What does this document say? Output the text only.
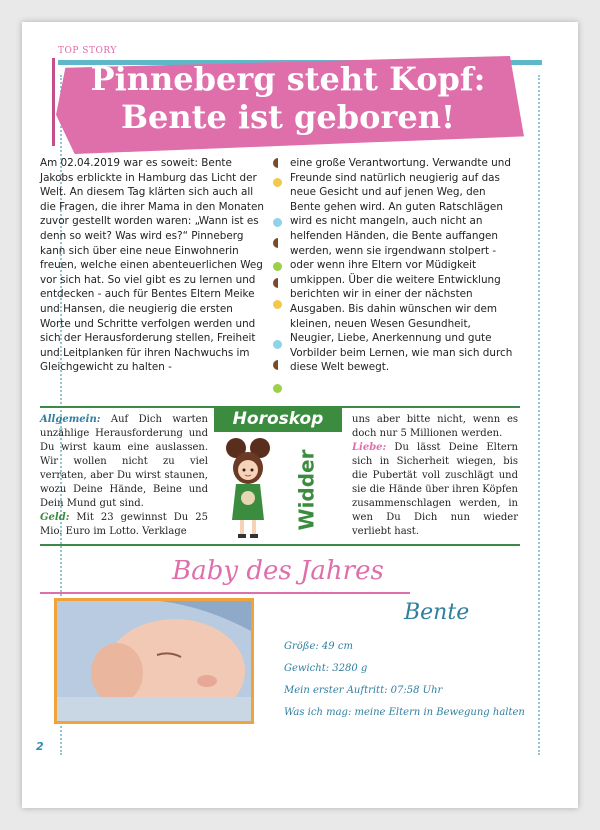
TOP STORY
Pinneberg steht Kopf:
Bente ist geboren!
Am 02.04.2019 war es soweit: Bente Jakobs erblickte in Hamburg das Licht der Welt. An diesem Tag klärten sich auch all die Fragen, die ihrer Mama in den Monaten zuvor gestellt worden waren: „Wann ist es denn so weit? Was wird es?“ Pinneberg kann sich über eine neue Einwohnerin freuen, welche einen abenteuerlichen Weg vor sich hat. So viel gibt es zu lernen und entdecken - auch für Bentes Eltern Meike und Hansen, die neugierig die ersten Worte und Schritte verfolgen werden und sich der Herausforderung stellen, Freiheit und Leitplanken für ihren Nachwuchs im Gleichgewicht zu halten -
eine große Verantwortung. Verwandte und Freunde sind natürlich neugierig auf das neue Gesicht und auf jenen Weg, den Bente gehen wird. An guten Ratschlägen wird es nicht mangeln, auch nicht an helfenden Händen, die Bente auffangen werden, wenn sie irgendwann stolpert - oder wenn ihre Eltern vor Müdigkeit umkippen. Über die weitere Entwicklung berichten wir in einer der nächsten Ausgaben. Bis dahin wünschen wir dem kleinen, neuen Wesen Gesundheit, Neugier, Liebe, Anerkennung und gute Vorbilder beim Lernen, wie man sich durch diese Welt bewegt.
Allgemein: Auf Dich warten unzählige Herausforderung und Du wirst kaum eine auslassen. Wir wollen nicht zu viel verraten, aber Du wirst staunen, wozu Deine Hände, Beine und Dein Mund gut sind.
Geld: Mit 23 gewinnst Du 25 Mio. Euro im Lotto. Verklage
Horoskop
Widder
uns aber bitte nicht, wenn es doch nur 5 Millionen werden.
Liebe: Du lässt Deine Eltern sich in Sicherheit wiegen, bis die Pubertät voll zuschlägt und sie die Hände über ihren Köpfen zusammenschlagen werden, in wen Du Dich nun wieder verliebt hast.
Baby des Jahres
Bente
Größe: 49 cm
Gewicht: 3280 g
Mein erster Auftritt: 07:58 Uhr
Was ich mag: meine Eltern in Bewegung halten
2
